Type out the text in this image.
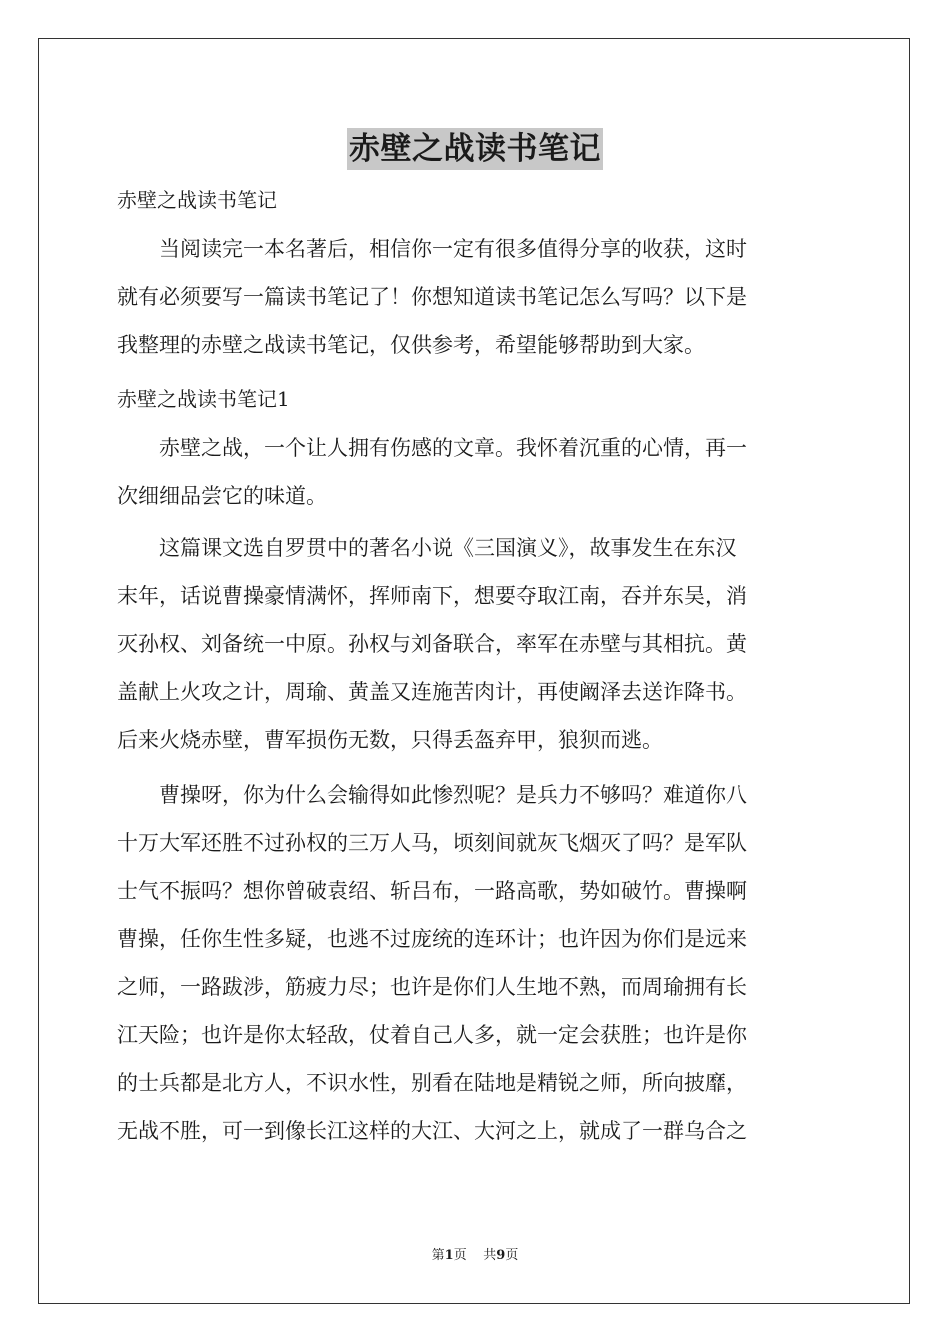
赤壁之战读书笔记
赤壁之战读书笔记
　　当阅读完一本名著后，相信你一定有很多值得分享的收获，这时
就有必须要写一篇读书笔记了！你想知道读书笔记怎么写吗？以下是
我整理的赤壁之战读书笔记，仅供参考，希望能够帮助到大家。
赤壁之战读书笔记1
　　赤壁之战，一个让人拥有伤感的文章。我怀着沉重的心情，再一
次细细品尝它的味道。
　　这篇课文选自罗贯中的著名小说《三国演义》，故事发生在东汉
末年，话说曹操豪情满怀，挥师南下，想要夺取江南，吞并东吴，消
灭孙权、刘备统一中原。孙权与刘备联合，率军在赤壁与其相抗。黄
盖献上火攻之计，周瑜、黄盖又连施苦肉计，再使阚泽去送诈降书。
后来火烧赤壁，曹军损伤无数，只得丢盔弃甲，狼狈而逃。
　　曹操呀，你为什么会输得如此惨烈呢？是兵力不够吗？难道你八
十万大军还胜不过孙权的三万人马，顷刻间就灰飞烟灭了吗？是军队
士气不振吗？想你曾破袁绍、斩吕布，一路高歌，势如破竹。曹操啊
曹操，任你生性多疑，也逃不过庞统的连环计；也许因为你们是远来
之师，一路跋涉，筋疲力尽；也许是你们人生地不熟，而周瑜拥有长
江天险；也许是你太轻敌，仗着自己人多，就一定会获胜；也许是你
的士兵都是北方人，不识水性，别看在陆地是精锐之师，所向披靡，
无战不胜，可一到像长江这样的大江、大河之上，就成了一群乌合之
第1页 共9页
